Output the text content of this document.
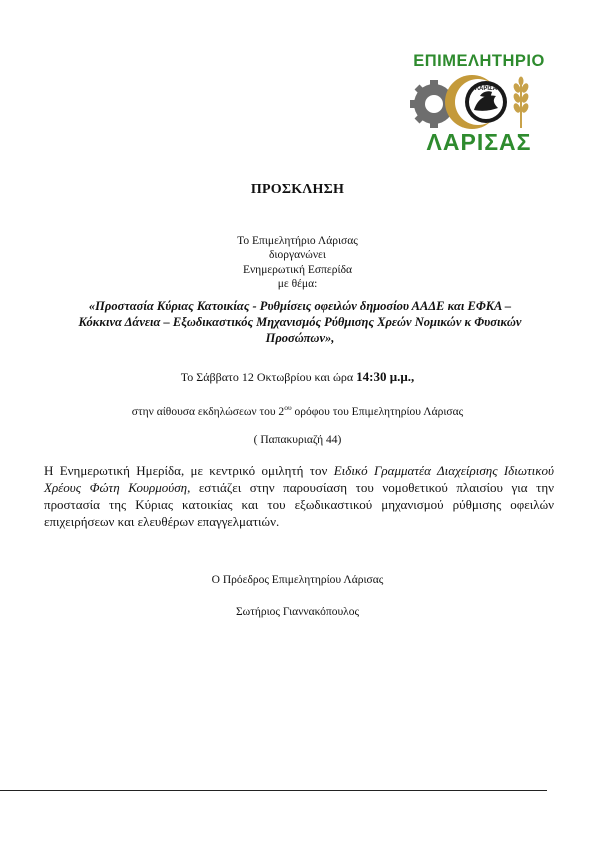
ΕΠΙΜΕΛΗΤΗΡΙΟ
ΛΑΡΙΣΑ
ΛΑΡΙΣΑΣ
ΠΡΟΣΚΛΗΣΗ
Το Επιμελητήριο Λάρισας
διοργανώνει
Ενημερωτική Εσπερίδα
με θέμα:
«Προστασία Κύριας Κατοικίας - Ρυθμίσεις οφειλών δημοσίου ΑΑΔΕ και ΕΦΚΑ –
Κόκκινα Δάνεια – Εξωδικαστικός Μηχανισμός Ρύθμισης Χρεών Νομικών κ Φυσικών
Προσώπων»,
Το Σάββατο 12 Οκτωβρίου και ώρα 14:30 μ.μ.,
στην αίθουσα εκδηλώσεων του $2^{o\upsilon}$ ορόφου του Επιμελητηρίου Λάρισας
( Παπακυριαζή 44)
Η Ενημερωτική Ημερίδα, με κεντρικό ομιλητή τον Ειδικό Γραμματέα Διαχείρισης Ιδιωτικού Χρέους Φώτη Κουρμούση, εστιάζει στην παρουσίαση του νομοθετικού πλαισίου για την προστασία της Κύριας κατοικίας και του εξωδικαστικού μηχανισμού ρύθμισης οφειλών επιχειρήσεων και ελευθέρων επαγγελματιών.
Ο Πρόεδρος Επιμελητηρίου Λάρισας
Σωτήριος Γιαννακόπουλος
